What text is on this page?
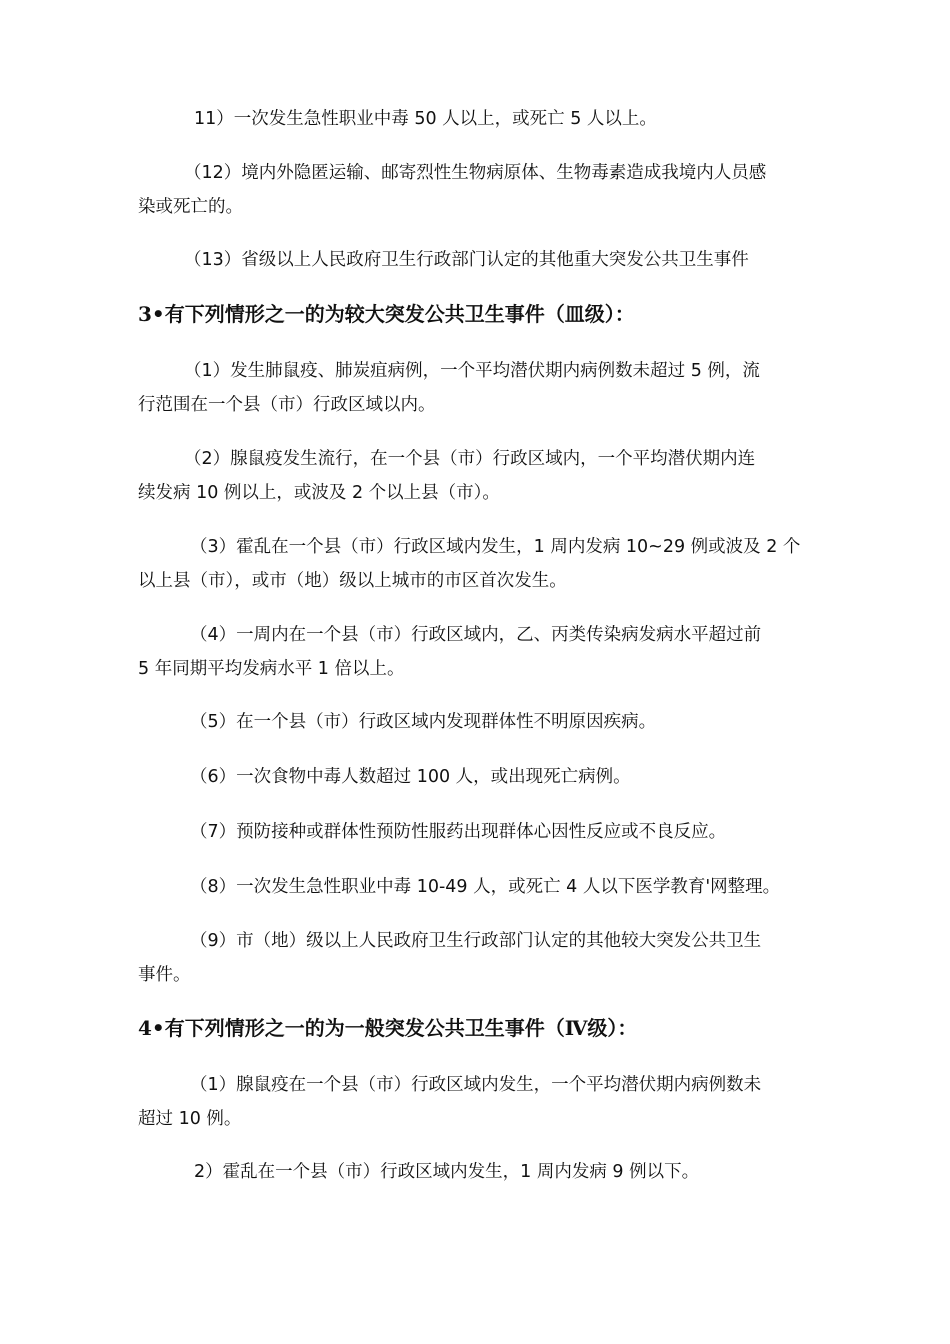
11）一次发生急性职业中毒 50 人以上，或死亡 5 人以上。

（12）境内外隐匿运输、邮寄烈性生物病原体、生物毒素造成我境内人员感
染或死亡的。

（13）省级以上人民政府卫生行政部门认定的其他重大突发公共卫生事件

3•有下列情形之一的为较大突发公共卫生事件（皿级）：

（1）发生肺鼠疫、肺炭疽病例，一个平均潜伏期内病例数未超过 5 例，流
行范围在一个县（市）行政区域以内。

（2）腺鼠疫发生流行，在一个县（市）行政区域内，一个平均潜伏期内连
续发病 10 例以上，或波及 2 个以上县（市）。

（3）霍乱在一个县（市）行政区域内发生，1 周内发病 10~29 例或波及 2 个
以上县（市），或市（地）级以上城市的市区首次发生。

（4）一周内在一个县（市）行政区域内，乙、丙类传染病发病水平超过前
5 年同期平均发病水平 1 倍以上。

（5）在一个县（市）行政区域内发现群体性不明原因疾病。

（6）一次食物中毒人数超过 100 人，或出现死亡病例。

（7）预防接种或群体性预防性服药出现群体心因性反应或不良反应。

（8）一次发生急性职业中毒 10-49 人，或死亡 4 人以下医学教育'网整理。

（9）市（地）级以上人民政府卫生行政部门认定的其他较大突发公共卫生
事件。

4•有下列情形之一的为一般突发公共卫生事件（Ⅳ级）：

（1）腺鼠疫在一个县（市）行政区域内发生，一个平均潜伏期内病例数未
超过 10 例。

2）霍乱在一个县（市）行政区域内发生，1 周内发病 9 例以下。
